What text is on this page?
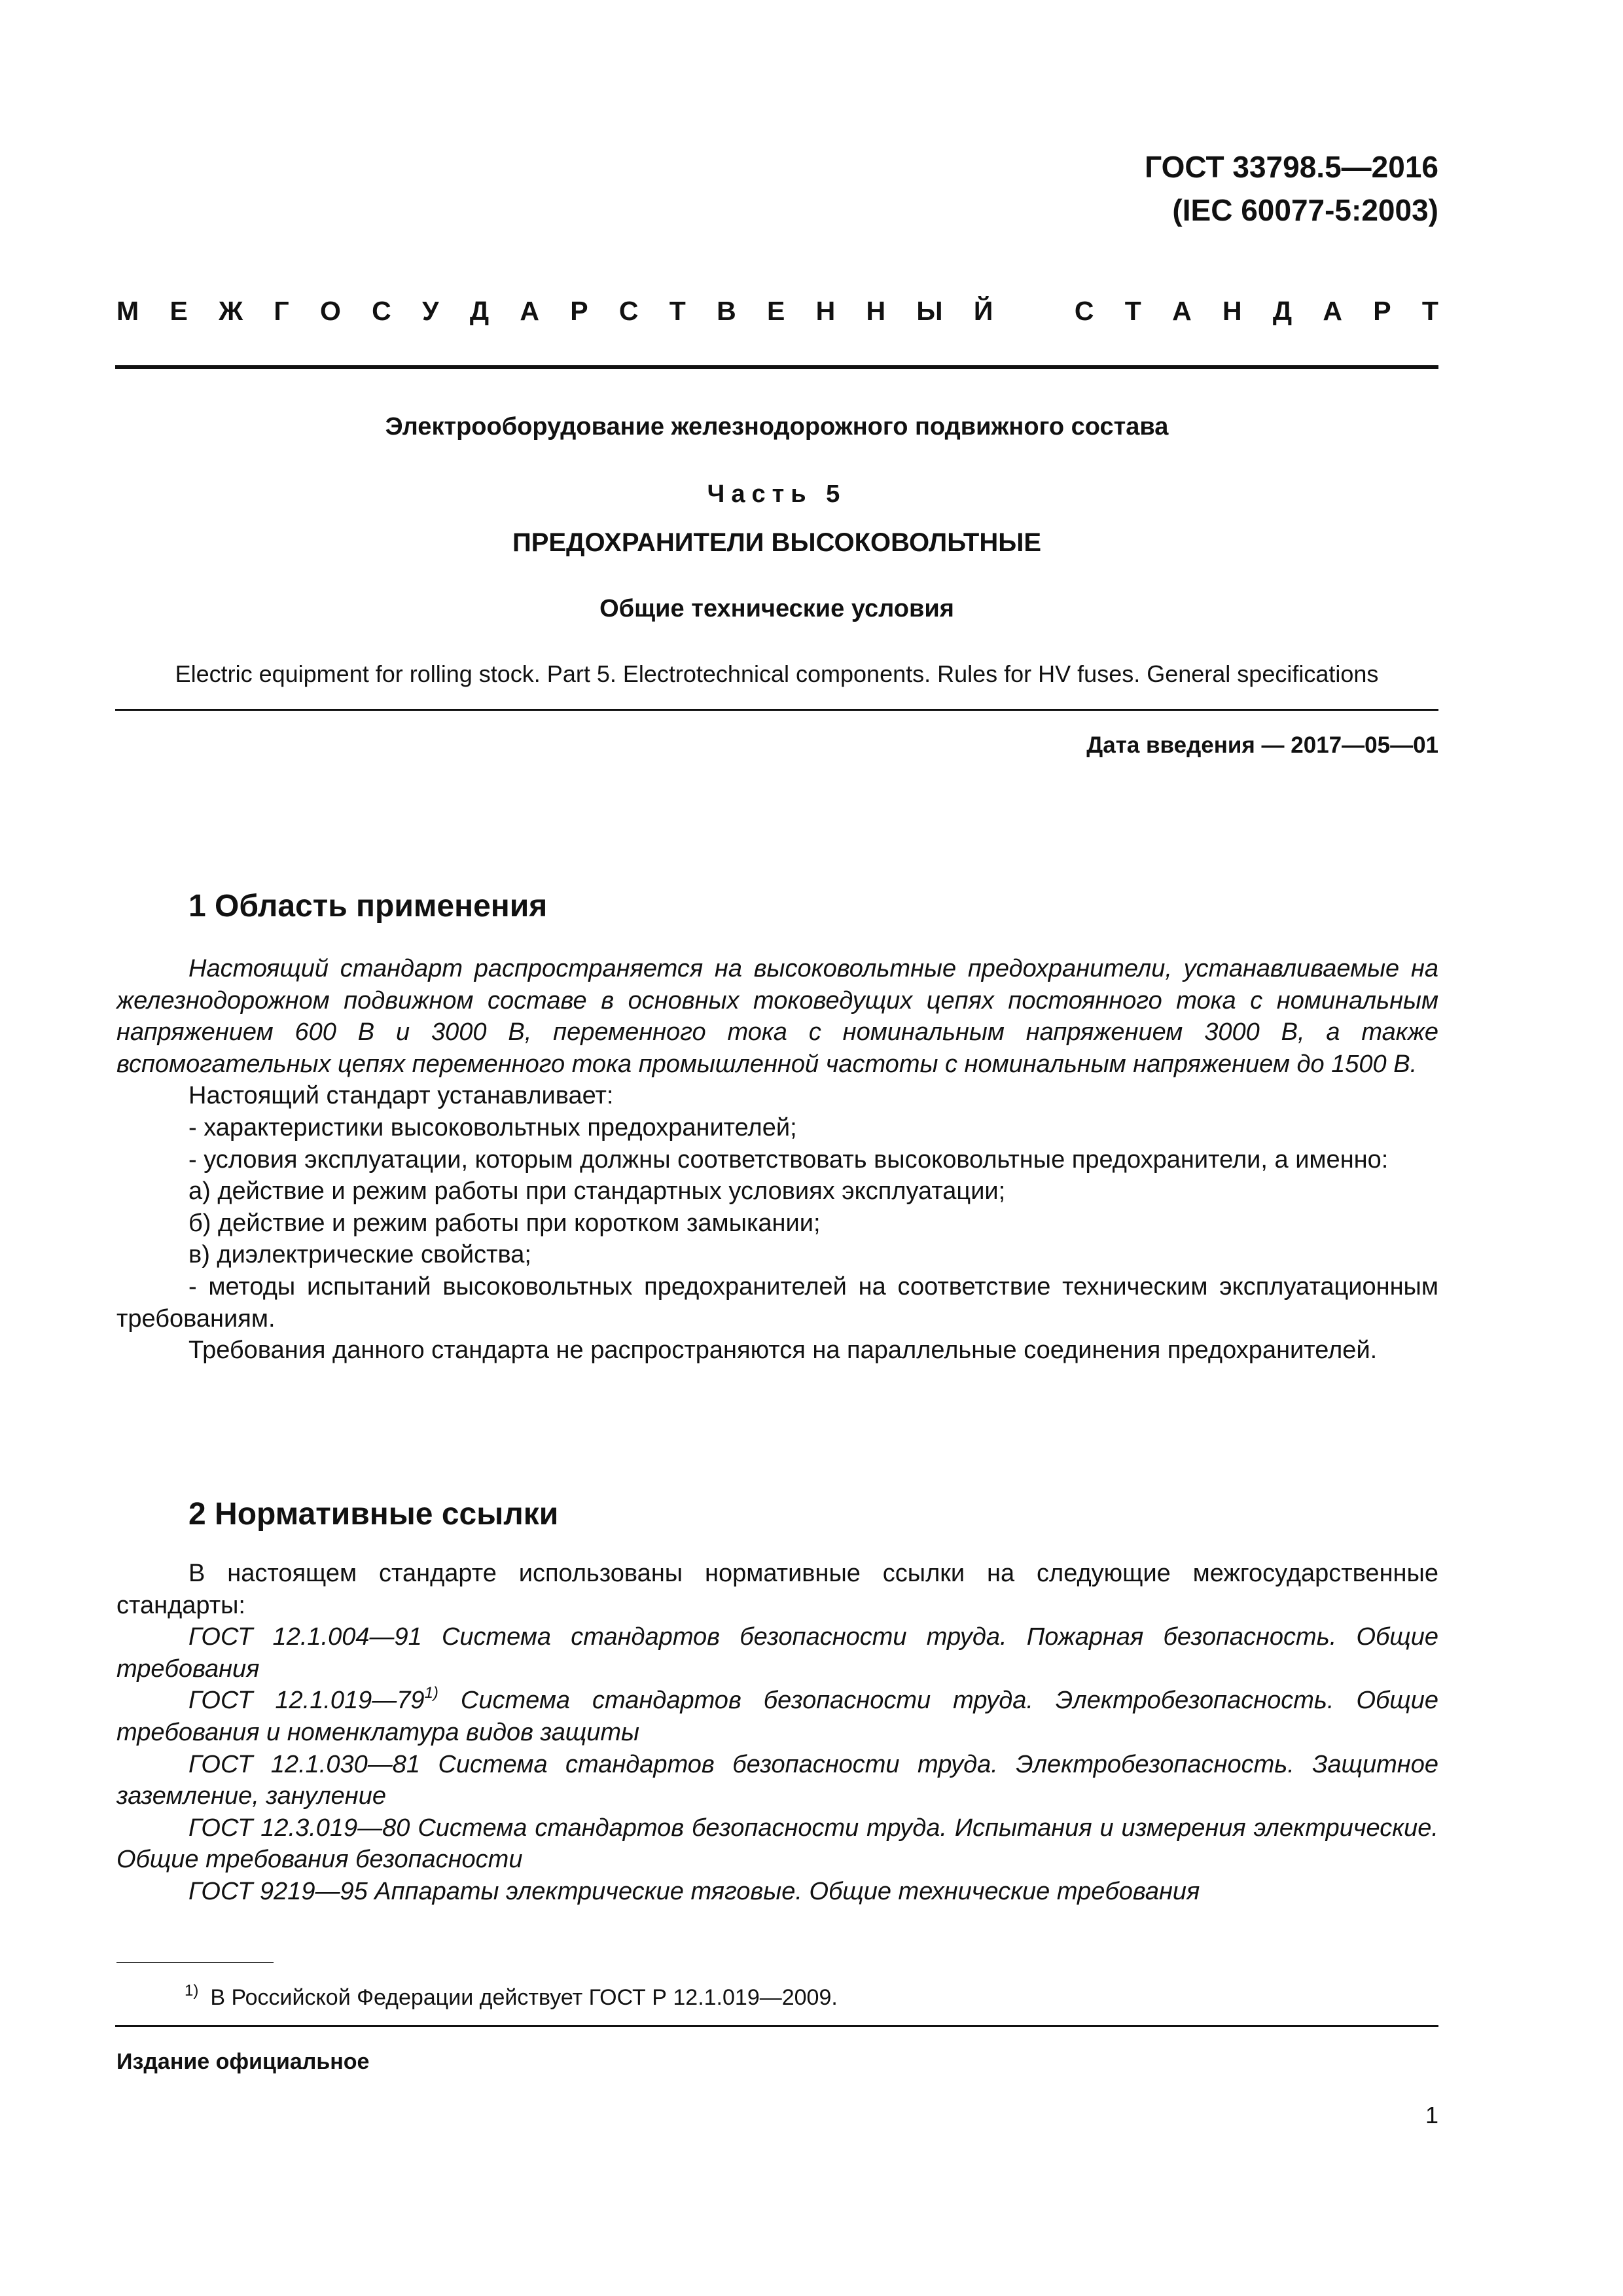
ГОСТ 33798.5—2016
(IEC 60077-5:2003)
М Е Ж Г О С У Д А Р С Т В Е Н Н Ы Й	С Т А Н Д А Р Т
Электрооборудование железнодорожного подвижного состава
Часть 5
ПРЕДОХРАНИТЕЛИ ВЫСОКОВОЛЬТНЫЕ
Общие технические условия
Electric equipment for rolling stock. Part 5. Electrotechnical components. Rules for HV fuses. General specifications
Дата введения — 2017—05—01
1 Область применения

Настоящий стандарт распространяется на высоковольтные предохранители, устанавливаемые на железнодорожном подвижном составе в основных токоведущих цепях постоянного тока с номинальным напряжением 600 В и 3000 В, переменного тока с номинальным напряжением 3000 В, а также вспомогательных цепях переменного тока промышленной частоты с номинальным напряжением до 1500 В.

Настоящий стандарт устанавливает:

- характеристики высоковольтных предохранителей;

- условия эксплуатации, которым должны соответствовать высоковольтные предохранители, а именно:

а) действие и режим работы при стандартных условиях эксплуатации;

б) действие и режим работы при коротком замыкании;

в) диэлектрические свойства;

- методы испытаний высоковольтных предохранителей на соответствие техническим эксплуатационным требованиям.

Требования данного стандарта не распространяются на параллельные соединения предохранителей.

2 Нормативные ссылки

В настоящем стандарте использованы нормативные ссылки на следующие межгосударственные стандарты:

ГОСТ 12.1.004—91 Система стандартов безопасности труда. Пожарная безопасность. Общие требования

ГОСТ 12.1.019—79$^{1)}$ Система стандартов безопасности труда. Электробезопасность. Общие требования и номенклатура видов защиты

ГОСТ 12.1.030—81 Система стандартов безопасности труда. Электробезопасность. Защитное заземление, зануление

ГОСТ 12.3.019—80 Система стандартов безопасности труда. Испытания и измерения электрические. Общие требования безопасности

ГОСТ 9219—95 Аппараты электрические тяговые. Общие технические требования

$^{1)}$ В Российской Федерации действует ГОСТ Р 12.1.019—2009.
Издание официальное
1
